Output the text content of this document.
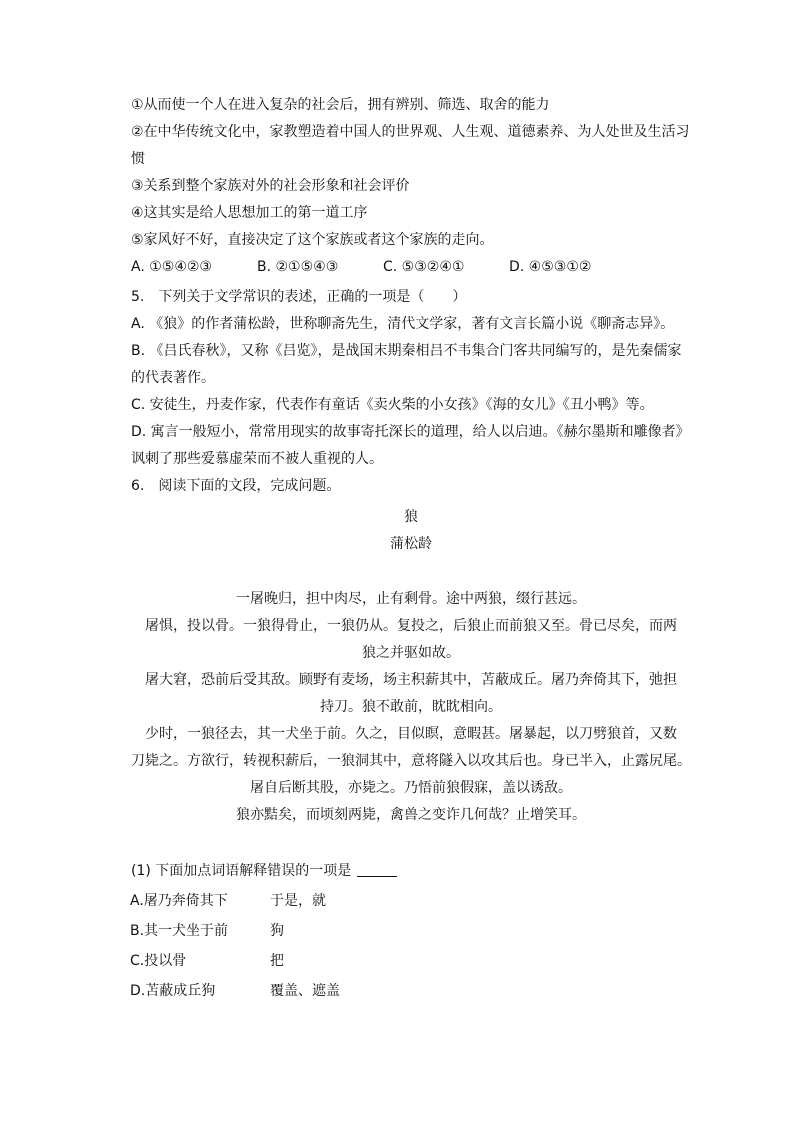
①从而使一个人在进入复杂的社会后，拥有辨别、筛选、取舍的能力
②在中华传统文化中，家教塑造着中国人的世界观、人生观、道德素养、为人处世及生活习
惯
③关系到整个家族对外的社会形象和社会评价
④这其实是给人思想加工的第一道工序
⑤家风好不好，直接决定了这个家族或者这个家族的走向。
A. ①⑤④②③	B. ②①⑤④③	C. ⑤③②④①	D. ④⑤③①②
5.　下列关于文学常识的表述，正确的一项是（　　）
A. 《狼》的作者蒲松龄，世称聊斋先生，清代文学家，著有文言长篇小说《聊斋志异》。
B. 《吕氏春秋》，又称《吕览》，是战国末期秦相吕不韦集合门客共同编写的，是先秦儒家
的代表著作。
C. 安徒生，丹麦作家，代表作有童话《卖火柴的小女孩》《海的女儿》《丑小鸭》等。
D. 寓言一般短小，常常用现实的故事寄托深长的道理，给人以启迪。《赫尔墨斯和雕像者》
讽刺了那些爱慕虚荣而不被人重视的人。
6.　阅读下面的文段，完成问题。
狼
蒲松龄
一屠晚归，担中肉尽，止有剩骨。途中两狼，缀行甚远。
屠惧，投以骨。一狼得骨止，一狼仍从。复投之，后狼止而前狼又至。骨已尽矣，而两
狼之并驱如故。
屠大窘，恐前后受其敌。顾野有麦场，场主积薪其中，苫蔽成丘。屠乃奔倚其下，弛担
持刀。狼不敢前，眈眈相向。
少时，一狼径去，其一犬坐于前。久之，目似瞑，意暇甚。屠暴起，以刀劈狼首，又数
刀毙之。方欲行，转视积薪后，一狼洞其中，意将隧入以攻其后也。身已半入，止露尻尾。
屠自后断其股，亦毙之。乃悟前狼假寐，盖以诱敌。
狼亦黠矣，而顷刻两毙，禽兽之变诈几何哉？止增笑耳。
(1) 下面加点词语解释错误的一项是
A.屠乃奔倚其下	于是，就
B.其一犬坐于前	狗
C.投以骨	把
D.苫蔽成丘狗	覆盖、遮盖
